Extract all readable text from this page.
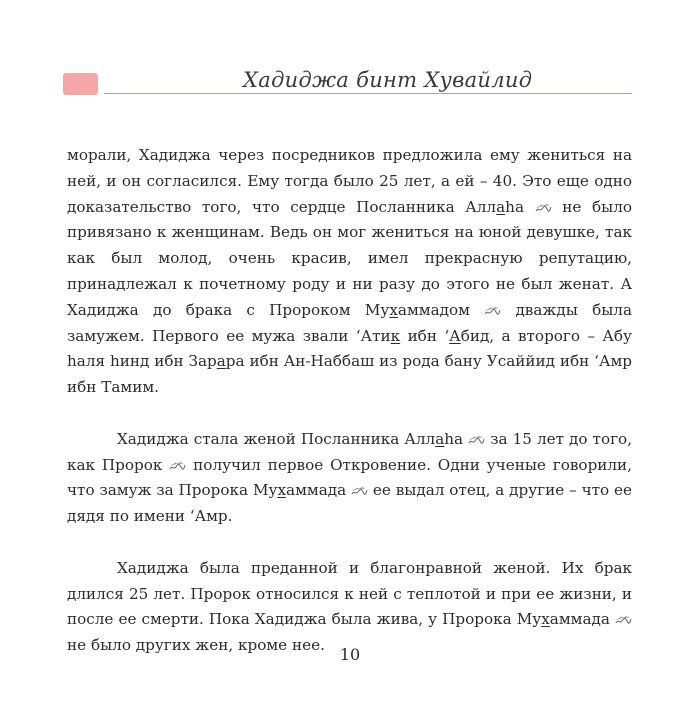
Хадиджа бинт Хувайлид

морали, Хадиджа через посредников предложила ему жениться на ней, и он согласился. Ему тогда было 25 лет, а ей – 40. Это еще одно доказательство того, что сердце Посланника Аллаhа	не было привязано к женщинам. Ведь он мог жениться на юной девушке, так как был молод, очень красив, имел прекрасную репутацию, принадлежал к почетному роду и ни разу до этого не был женат. А Хадиджа до брака с Пророком Мухаммадом	дважды была замужем. Первого ее мужа звали ‘Атик ибн ‘Абид, а второго – Абу hаля hинд ибн Зарара ибн Ан-Наббаш из рода бану Усаййид ибн ‘Амр ибн Тамим.

Хадиджа стала женой Посланника Аллаhа за 15 лет до того, как Пророк получил первое Откровение. Одни ученые говорили, что замуж за Пророка Мухаммада ее выдал отец, а другие – что ее дядя по имени ‘Амр.

Хадиджа была преданной и благонравной женой. Их брак длился 25 лет. Пророк относился к ней с теплотой и при ее жизни, и после ее смерти. Пока Хадиджа была жива, у Пророка Мухаммада
не было других жен, кроме нее. 10
